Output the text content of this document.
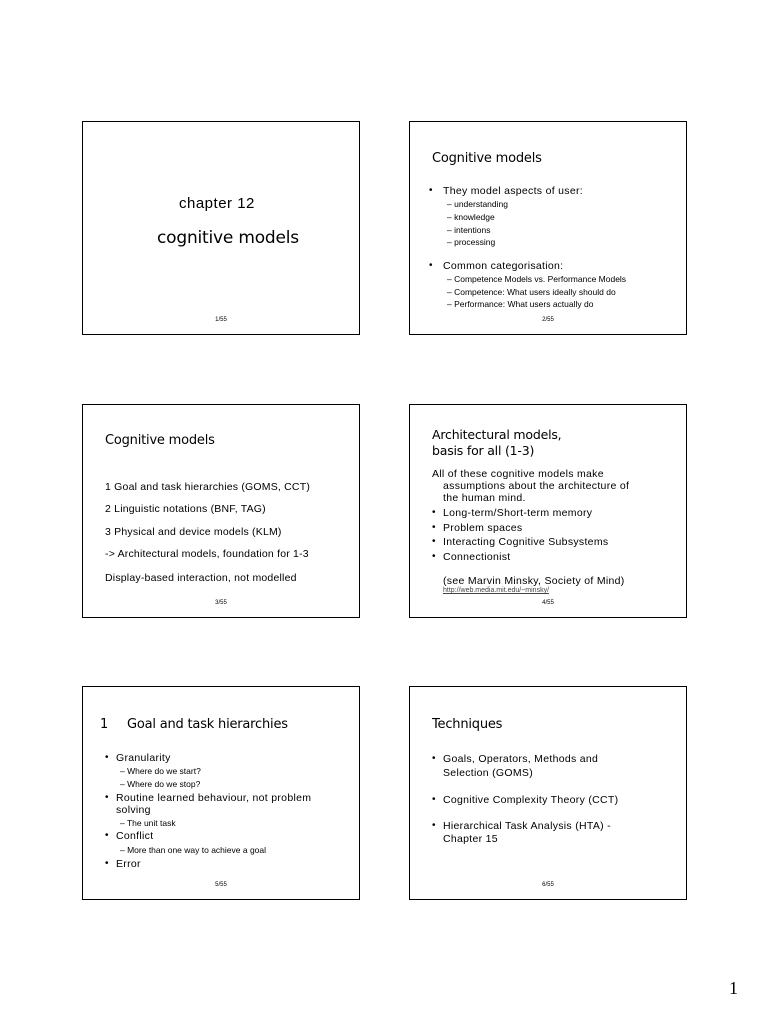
chapter 12
cognitive models
1/55
Cognitive models
• They model aspects of user:
– understanding
– knowledge
– intentions
– processing
• Common categorisation:
– Competence Models vs. Performance Models
– Competence: What users ideally should do
– Performance: What users actually do
2/55
Cognitive models
1 Goal and task hierarchies (GOMS, CCT)
2 Linguistic notations (BNF, TAG)
3 Physical and device models (KLM)
-> Architectural models, foundation for 1-3
Display-based interaction, not modelled
3/55
Architectural models,
basis for all (1-3)
All of these cognitive models make
assumptions about the architecture of
the human mind.
• Long-term/Short-term memory
• Problem spaces
• Interacting Cognitive Subsystems
• Connectionist
(see Marvin Minsky, Society of Mind)
http://web.media.mit.edu/~minsky/
4/55
1 Goal and task hierarchies
• Granularity
– Where do we start?
– Where do we stop?
• Routine learned behaviour, not problem
solving
– The unit task
• Conflict
– More than one way to achieve a goal
• Error
5/55
Techniques
• Goals, Operators, Methods and
Selection (GOMS)
• Cognitive Complexity Theory (CCT)
• Hierarchical Task Analysis (HTA) -
Chapter 15
6/55
1
